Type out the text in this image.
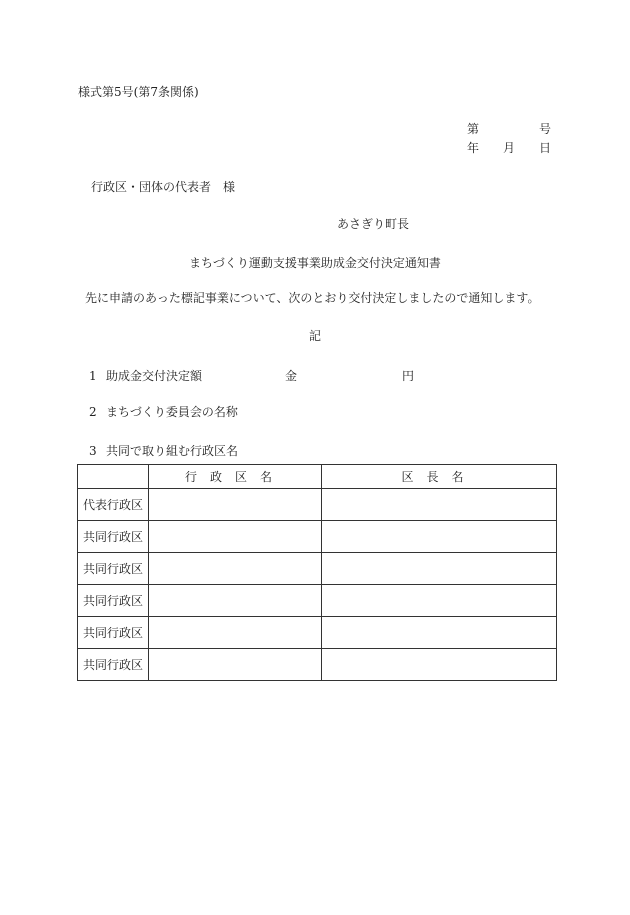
様式第5号(第7条関係)
第	号
年 月 日
行政区・団体の代表者 様
あさぎり町長
まちづくり運動支援事業助成金交付決定通知書
先に申請のあった標記事業について、次のとおり交付決定しましたので通知します。
記
1 助成金交付決定額	金	円
2 まちづくり委員会の名称
3 共同で取り組む行政区名
	行政区名	区長名
代表行政区		
共同行政区		
共同行政区		
共同行政区		
共同行政区		
共同行政区		
